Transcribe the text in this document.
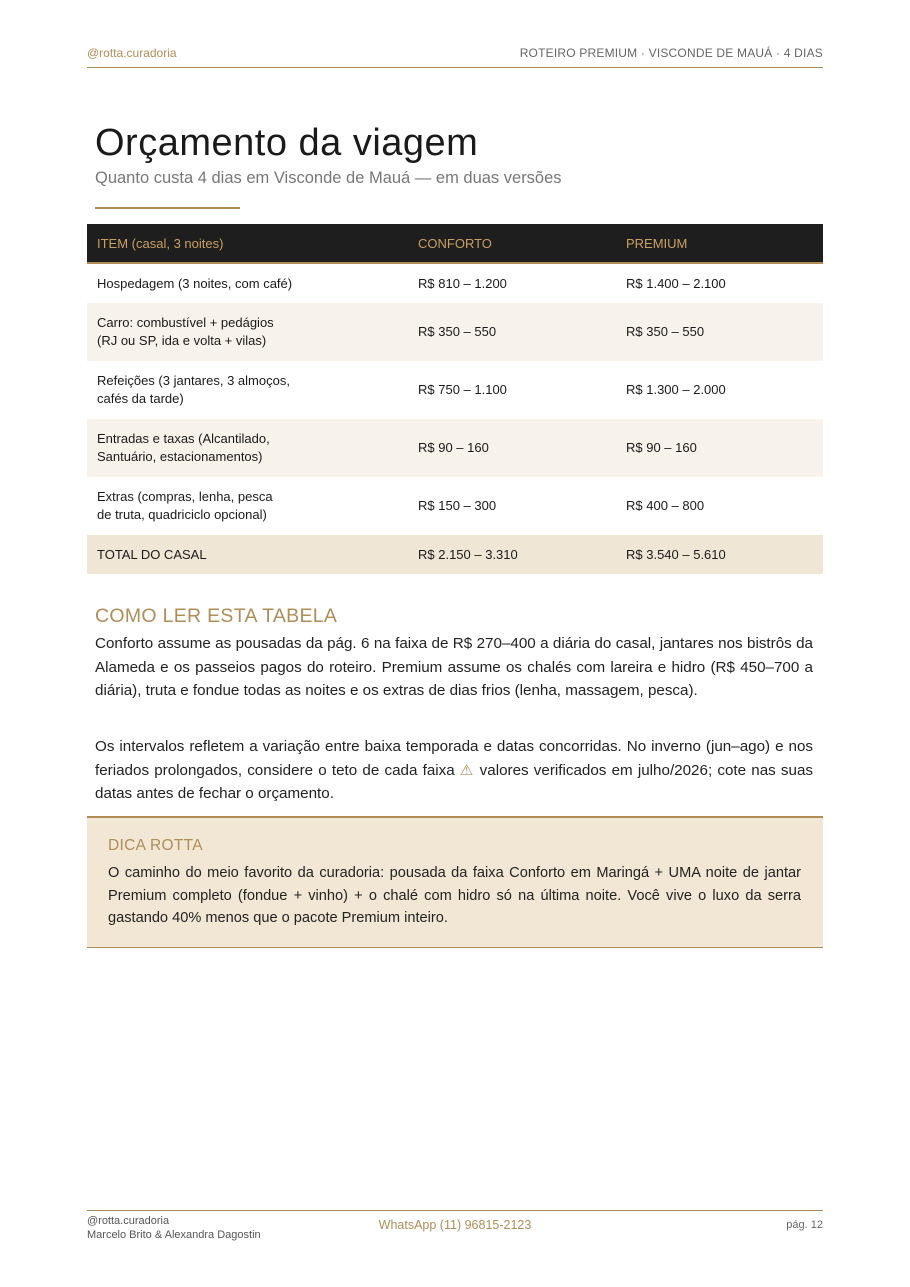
@rotta.curadoria	ROTEIRO PREMIUM · VISCONDE DE MAUÁ · 4 DIAS
Orçamento da viagem
Quanto custa 4 dias em Visconde de Mauá — em duas versões
ITEM (casal, 3 noites)	CONFORTO	PREMIUM
Hospedagem (3 noites, com café)	R$ 810 – 1.200	R$ 1.400 – 2.100
Carro: combustível + pedágios
(RJ ou SP, ida e volta + vilas)	R$ 350 – 550	R$ 350 – 550
Refeições (3 jantares, 3 almoços,
cafés da tarde)	R$ 750 – 1.100	R$ 1.300 – 2.000
Entradas e taxas (Alcantilado,
Santuário, estacionamentos)	R$ 90 – 160	R$ 90 – 160
Extras (compras, lenha, pesca
de truta, quadriciclo opcional)	R$ 150 – 300	R$ 400 – 800
TOTAL DO CASAL	R$ 2.150 – 3.310	R$ 3.540 – 5.610
COMO LER ESTA TABELA

Conforto assume as pousadas da pág. 6 na faixa de R$ 270–400 a diária do casal, jantares nos bistrôs da Alameda e os passeios pagos do roteiro. Premium assume os chalés com lareira e hidro (R$ 450–700 a diária), truta e fondue todas as noites e os extras de dias frios (lenha, massagem, pesca).

Os intervalos refletem a variação entre baixa temporada e datas concorridas. No inverno (jun–ago) e nos feriados prolongados, considere o teto de cada faixa ⚠ valores verificados em julho/2026; cote nas suas datas antes de fechar o orçamento.

DICA ROTTA

O caminho do meio favorito da curadoria: pousada da faixa Conforto em Maringá + UMA noite de jantar Premium completo (fondue + vinho) + o chalé com hidro só na última noite. Você vive o luxo da serra gastando 40% menos que o pacote Premium inteiro.

@rotta.curadoria
Marcelo Brito & Alexandra Dagostin
WhatsApp (11) 96815-2123	pág. 12
